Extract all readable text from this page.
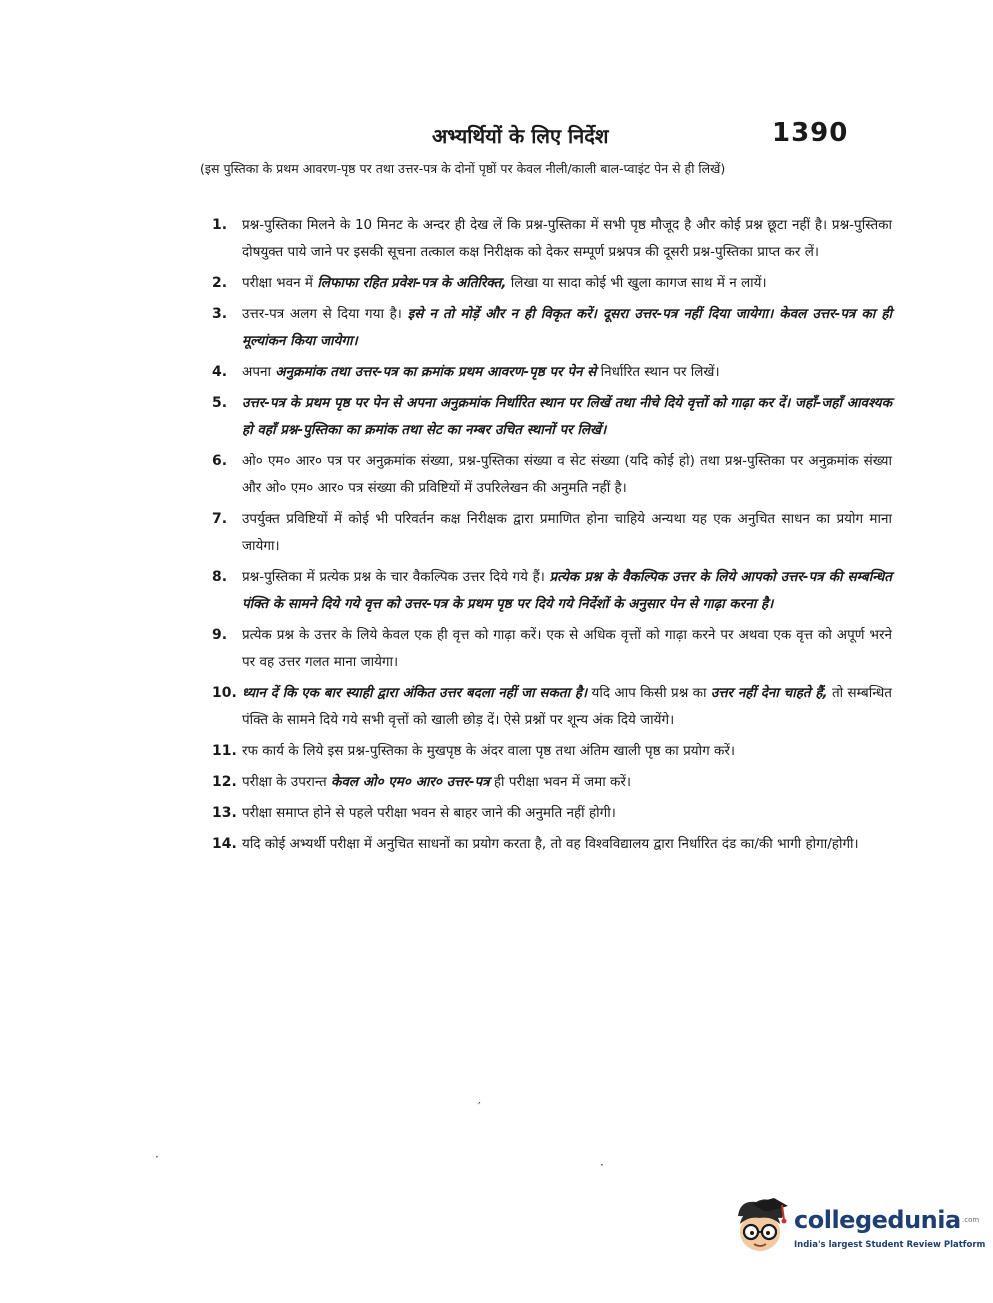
अभ्यर्थियों के लिए निर्देश	1390
(इस पुस्तिका के प्रथम आवरण-पृष्ठ पर तथा उत्तर-पत्र के दोनों पृष्ठों पर केवल नीली/काली बाल-प्वाइंट पेन से ही लिखें)
1. प्रश्न-पुस्तिका मिलने के 10 मिनट के अन्दर ही देख लें कि प्रश्न-पुस्तिका में सभी पृष्ठ मौजूद है और कोई प्रश्न छूटा नहीं है। प्रश्न-पुस्तिका दोषयुक्त पाये जाने पर इसकी सूचना तत्काल कक्ष निरीक्षक को देकर सम्पूर्ण प्रश्नपत्र की दूसरी प्रश्न-पुस्तिका प्राप्त कर लें।
2. परीक्षा भवन में लिफाफा रहित प्रवेश-पत्र के अतिरिक्त, लिखा या सादा कोई भी खुला कागज साथ में न लायें।
3. उत्तर-पत्र अलग से दिया गया है। इसे न तो मोड़ें और न ही विकृत करें। दूसरा उत्तर-पत्र नहीं दिया जायेगा। केवल उत्तर-पत्र का ही मूल्यांकन किया जायेगा।
4. अपना अनुक्रमांक तथा उत्तर-पत्र का क्रमांक प्रथम आवरण-पृष्ठ पर पेन से निर्धारित स्थान पर लिखें।
5. उत्तर-पत्र के प्रथम पृष्ठ पर पेन से अपना अनुक्रमांक निर्धारित स्थान पर लिखें तथा नीचे दिये वृत्तों को गाढ़ा कर दें। जहाँ-जहाँ आवश्यक हो वहाँ प्रश्न-पुस्तिका का क्रमांक तथा सेट का नम्बर उचित स्थानों पर लिखें।
6. ओ० एम० आर० पत्र पर अनुक्रमांक संख्या, प्रश्न-पुस्तिका संख्या व सेट संख्या (यदि कोई हो) तथा प्रश्न-पुस्तिका पर अनुक्रमांक संख्या और ओ० एम० आर० पत्र संख्या की प्रविष्टियों में उपरिलेखन की अनुमति नहीं है।
7. उपर्युक्त प्रविष्टियों में कोई भी परिवर्तन कक्ष निरीक्षक द्वारा प्रमाणित होना चाहिये अन्यथा यह एक अनुचित साधन का प्रयोग माना जायेगा।
8. प्रश्न-पुस्तिका में प्रत्येक प्रश्न के चार वैकल्पिक उत्तर दिये गये हैं। प्रत्येक प्रश्न के वैकल्पिक उत्तर के लिये आपको उत्तर-पत्र की सम्बन्धित पंक्ति के सामने दिये गये वृत्त को उत्तर-पत्र के प्रथम पृष्ठ पर दिये गये निर्देशों के अनुसार पेन से गाढ़ा करना है।
9. प्रत्येक प्रश्न के उत्तर के लिये केवल एक ही वृत्त को गाढ़ा करें। एक से अधिक वृत्तों को गाढ़ा करने पर अथवा एक वृत्त को अपूर्ण भरने पर वह उत्तर गलत माना जायेगा।
10. ध्यान दें कि एक बार स्याही द्वारा अंकित उत्तर बदला नहीं जा सकता है। यदि आप किसी प्रश्न का उत्तर नहीं देना चाहते हैं, तो सम्बन्धित पंक्ति के सामने दिये गये सभी वृत्तों को खाली छोड़ दें। ऐसे प्रश्नों पर शून्य अंक दिये जायेंगे।
11. रफ कार्य के लिये इस प्रश्न-पुस्तिका के मुखपृष्ठ के अंदर वाला पृष्ठ तथा अंतिम खाली पृष्ठ का प्रयोग करें।
12. परीक्षा के उपरान्त केवल ओ० एम० आर० उत्तर-पत्र ही परीक्षा भवन में जमा करें।
13. परीक्षा समाप्त होने से पहले परीक्षा भवन से बाहर जाने की अनुमति नहीं होगी।
14. यदि कोई अभ्यर्थी परीक्षा में अनुचित साधनों का प्रयोग करता है, तो वह विश्वविद्यालय द्वारा निर्धारित दंड का/की भागी होगा/होगी।
′
·
·
collegedunia .com
India's largest Student Review Platform
